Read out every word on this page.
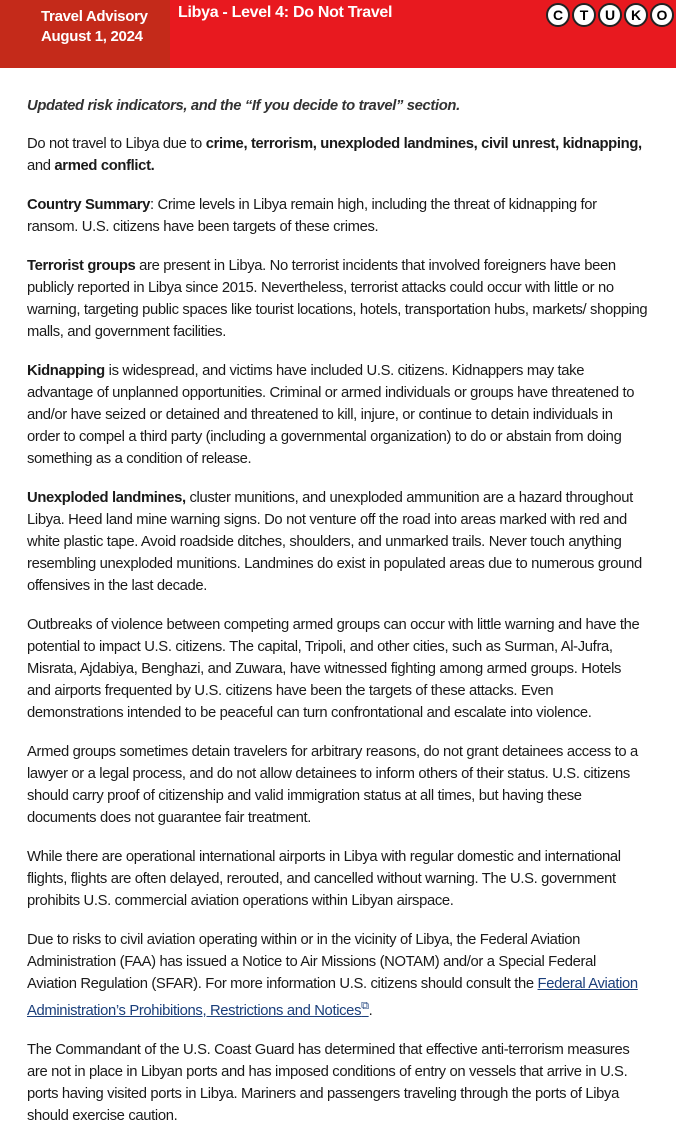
Travel Advisory
August 1, 2024
Libya - Level 4: Do Not Travel	C	T	U	K	O

Updated risk indicators, and the “If you decide to travel” section.

Do not travel to Libya due to crime, terrorism, unexploded landmines, civil unrest, kidnapping, and armed conflict.

Country Summary: Crime levels in Libya remain high, including the threat of kidnapping for ransom. U.S. citizens have been targets of these crimes.

Terrorist groups are present in Libya. No terrorist incidents that involved foreigners have been publicly reported in Libya since 2015. Nevertheless, terrorist attacks could occur with little or no warning, targeting public spaces like tourist locations, hotels, transportation hubs, markets/ shopping malls, and government facilities.

Kidnapping is widespread, and victims have included U.S. citizens. Kidnappers may take advantage of unplanned opportunities. Criminal or armed individuals or groups have threatened to and/or have seized or detained and threatened to kill, injure, or continue to detain individuals in order to compel a third party (including a governmental organization) to do or abstain from doing something as a condition of release.

Unexploded landmines, cluster munitions, and unexploded ammunition are a hazard throughout Libya. Heed land mine warning signs. Do not venture off the road into areas marked with red and white plastic tape. Avoid roadside ditches, shoulders, and unmarked trails. Never touch anything resembling unexploded munitions. Landmines do exist in populated areas due to numerous ground offensives in the last decade.

Outbreaks of violence between competing armed groups can occur with little warning and have the potential to impact U.S. citizens. The capital, Tripoli, and other cities, such as Surman, Al-Jufra, Misrata, Ajdabiya, Benghazi, and Zuwara, have witnessed fighting among armed groups. Hotels and airports frequented by U.S. citizens have been the targets of these attacks. Even demonstrations intended to be peaceful can turn confrontational and escalate into violence.

Armed groups sometimes detain travelers for arbitrary reasons, do not grant detainees access to a lawyer or a legal process, and do not allow detainees to inform others of their status. U.S. citizens should carry proof of citizenship and valid immigration status at all times, but having these documents does not guarantee fair treatment.

While there are operational international airports in Libya with regular domestic and international flights, flights are often delayed, rerouted, and cancelled without warning. The U.S. government prohibits U.S. commercial aviation operations within Libyan airspace.

Due to risks to civil aviation operating within or in the vicinity of Libya, the Federal Aviation Administration (FAA) has issued a Notice to Air Missions (NOTAM) and/or a Special Federal Aviation Regulation (SFAR). For more information U.S. citizens should consult the Federal Aviation Administration’s Prohibitions, Restrictions and Notices⧉.

The Commandant of the U.S. Coast Guard has determined that effective anti-terrorism measures are not in place in Libyan ports and has imposed conditions of entry on vessels that arrive in U.S. ports having visited ports in Libya. Mariners and passengers traveling through the ports of Libya should exercise caution.
